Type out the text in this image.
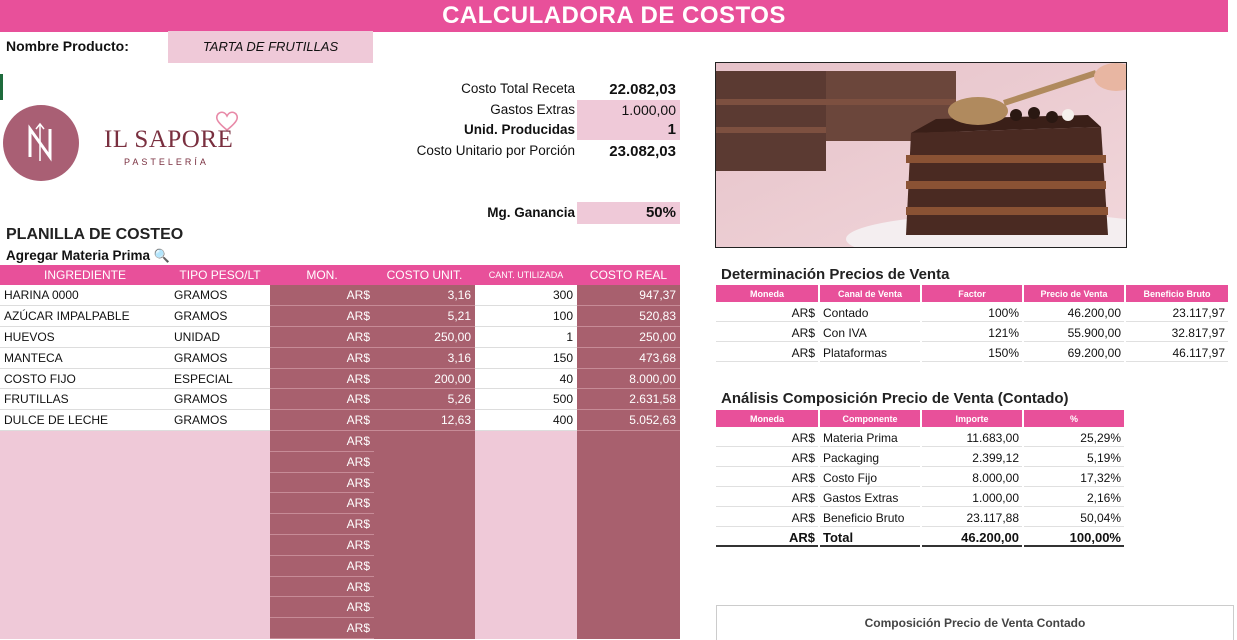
CALCULADORA DE COSTOS
Nombre Producto:	TARTA DE FRUTILLAS
IL SAPORE
PASTELERÍA
Costo Total Receta	22.082,03
Gastos Extras	1.000,00
Unid. Producidas	1
Costo Unitario por Porción	23.082,03
Mg. Ganancia	50%
PLANILLA DE COSTEO
Agregar Materia Prima 🔍
INGREDIENTE	TIPO PESO/LT	MON.	COSTO UNIT.	CANT. UTILIZADA	COSTO REAL
HARINA 0000	GRAMOS	AR$	3,16	300	947,37
AZÚCAR IMPALPABLE	GRAMOS	AR$	5,21	100	520,83
HUEVOS	UNIDAD	AR$	250,00	1	250,00
MANTECA	GRAMOS	AR$	3,16	150	473,68
COSTO FIJO	ESPECIAL	AR$	200,00	40	8.000,00
FRUTILLAS	GRAMOS	AR$	5,26	500	2.631,58
DULCE DE LECHE	GRAMOS	AR$	12,63	400	5.052,63
		AR$			
		AR$			
		AR$			
		AR$			
		AR$			
		AR$			
		AR$			
		AR$			
		AR$			
		AR$			
Determinación Precios de Venta
Moneda	Canal de Venta	Factor	Precio de Venta	Beneficio Bruto
AR$	Contado	100%	46.200,00	23.117,97
AR$	Con IVA	121%	55.900,00	32.817,97
AR$	Plataformas	150%	69.200,00	46.117,97
Análisis Composición Precio de Venta (Contado)
Moneda	Componente	Importe	%
AR$	Materia Prima	11.683,00	25,29%
AR$	Packaging	2.399,12	5,19%
AR$	Costo Fijo	8.000,00	17,32%
AR$	Gastos Extras	1.000,00	2,16%
AR$	Beneficio Bruto	23.117,88	50,04%
AR$	Total	46.200,00	100,00%
Composición Precio de Venta Contado
